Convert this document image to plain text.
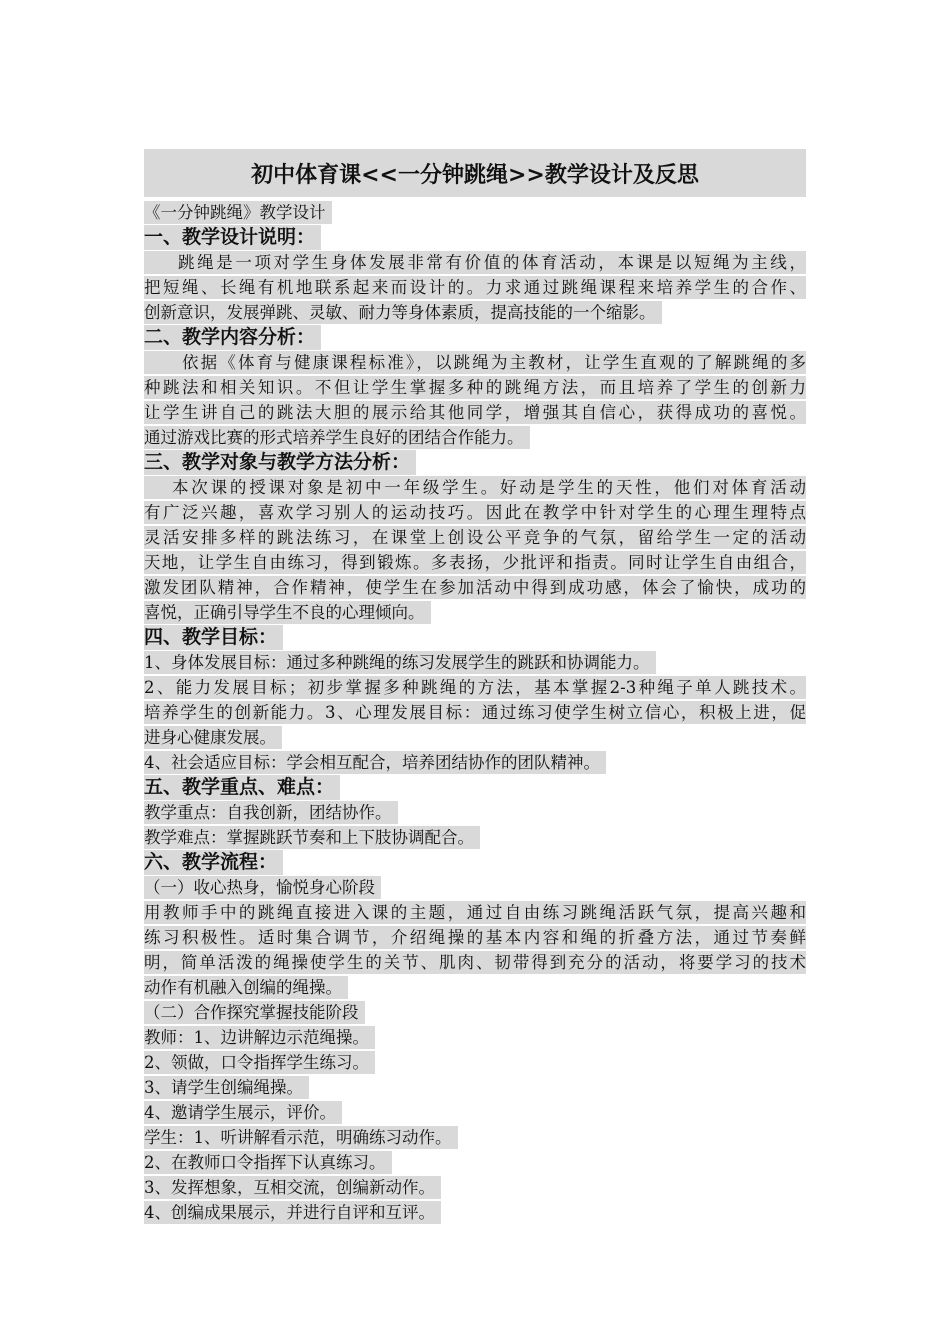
初中体育课<<一分钟跳绳>>教学设计及反思
《一分钟跳绳》教学设计
一、教学设计说明：
跳绳是一项对学生身体发展非常有价值的体育活动，本课是以短绳为主线，
把短绳、长绳有机地联系起来而设计的。力求通过跳绳课程来培养学生的合作、
创新意识，发展弹跳、灵敏、耐力等身体素质，提高技能的一个缩影。
二、教学内容分析：
依据《体育与健康课程标准》，以跳绳为主教材，让学生直观的了解跳绳的多
种跳法和相关知识。不但让学生掌握多种的跳绳方法，而且培养了学生的创新力
让学生讲自己的跳法大胆的展示给其他同学，增强其自信心，获得成功的喜悦。
通过游戏比赛的形式培养学生良好的团结合作能力。
三、教学对象与教学方法分析：
本次课的授课对象是初中一年级学生。好动是学生的天性，他们对体育活动
有广泛兴趣，喜欢学习别人的运动技巧。因此在教学中针对学生的心理生理特点
灵活安排多样的跳法练习，在课堂上创设公平竞争的气氛，留给学生一定的活动
天地，让学生自由练习，得到锻炼。多表扬，少批评和指责。同时让学生自由组合，
激发团队精神，合作精神，使学生在参加活动中得到成功感，体会了愉快，成功的
喜悦，正确引导学生不良的心理倾向。
四、教学目标：
1、身体发展目标：通过多种跳绳的练习发展学生的跳跃和协调能力。
2、能力发展目标；初步掌握多种跳绳的方法，基本掌握2-3种绳子单人跳技术。
培养学生的创新能力。3、心理发展目标：通过练习使学生树立信心，积极上进，促
进身心健康发展。
4、社会适应目标：学会相互配合，培养团结协作的团队精神。
五、教学重点、难点：
教学重点：自我创新，团结协作。
教学难点：掌握跳跃节奏和上下肢协调配合。
六、教学流程：
（一）收心热身，愉悦身心阶段
用教师手中的跳绳直接进入课的主题，通过自由练习跳绳活跃气氛，提高兴趣和
练习积极性。适时集合调节，介绍绳操的基本内容和绳的折叠方法，通过节奏鲜
明，简单活泼的绳操使学生的关节、肌肉、韧带得到充分的活动，将要学习的技术
动作有机融入创编的绳操。
（二）合作探究掌握技能阶段
教师：1、边讲解边示范绳操。
2、领做，口令指挥学生练习。
3、请学生创编绳操。
4、邀请学生展示，评价。
学生：1、听讲解看示范，明确练习动作。
2、在教师口令指挥下认真练习。
3、发挥想象，互相交流，创编新动作。
4、创编成果展示，并进行自评和互评。
